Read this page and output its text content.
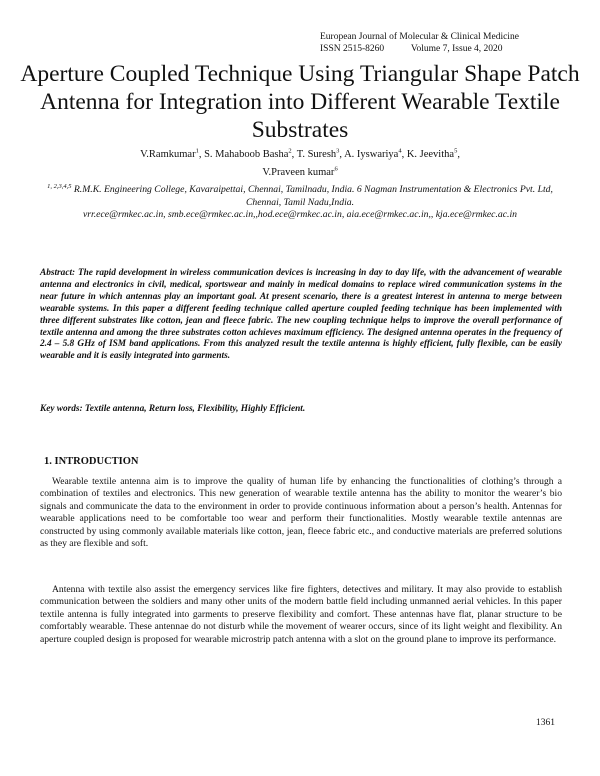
European Journal of Molecular & Clinical Medicine
ISSN 2515-8260	Volume 7, Issue 4, 2020
Aperture Coupled Technique Using Triangular Shape Patch Antenna for Integration into Different Wearable Textile Substrates
V.Ramkumar$^1$, S. Mahaboob Basha$^2$, T. Suresh$^3$, A. Iyswariya$^4$, K. Jeevitha$^5$,
V.Praveen kumar$^6$

$^{1, 2,3,4,5}$ R.M.K. Engineering College, Kavaraipettai, Chennai, Tamilnadu, India. 6 Nagman Instrumentation & Electronics Pvt. Ltd, Chennai, Tamil Nadu,India.

vrr.ece@rmkec.ac.in, smb.ece@rmkec.ac.in,,hod.ece@rmkec.ac.in, aia.ece@rmkec.ac.in,, kja.ece@rmkec.ac.in

Abstract: The rapid development in wireless communication devices is increasing in day to day life, with the advancement of wearable antenna and electronics in civil, medical, sportswear and mainly in medical domains to replace wired communication systems in the near future in which antennas play an important goal. At present scenario, there is a greatest interest in antenna to merge between wearable systems. In this paper a different feeding technique called aperture coupled feeding technique has been implemented with three different substrates like cotton, jean and fleece fabric. The new coupling technique helps to improve the overall performance of textile antenna and among the three substrates cotton achieves maximum efficiency. The designed antenna operates in the frequency of 2.4 – 5.8 GHz of ISM band applications. From this analyzed result the textile antenna is highly efficient, fully flexible, can be easily wearable and it is easily integrated into garments.

Key words: Textile antenna, Return loss, Flexibility, Highly Efficient.

1. INTRODUCTION

Wearable textile antenna aim is to improve the quality of human life by enhancing the functionalities of clothing’s through a combination of textiles and electronics. This new generation of wearable textile antenna has the ability to monitor the wearer’s bio signals and communicate the data to the environment in order to provide continuous information about a person’s health. Antennas for wearable applications need to be comfortable too wear and perform their functionalities. Mostly wearable textile antennas are constructed by using commonly available materials like cotton, jean, fleece fabric etc., and conductive materials are preferred solutions as they are flexible and soft.

Antenna with textile also assist the emergency services like fire fighters, detectives and military. It may also provide to establish communication between the soldiers and many other units of the modern battle field including unmanned aerial vehicles. In this paper textile antenna is fully integrated into garments to preserve flexibility and comfort. These antennas have flat, planar structure to be comfortably wearable. These antennae do not disturb while the movement of wearer occurs, since of its light weight and flexibility. An aperture coupled design is proposed for wearable microstrip patch antenna with a slot on the ground plane to improve its performance.

1361
